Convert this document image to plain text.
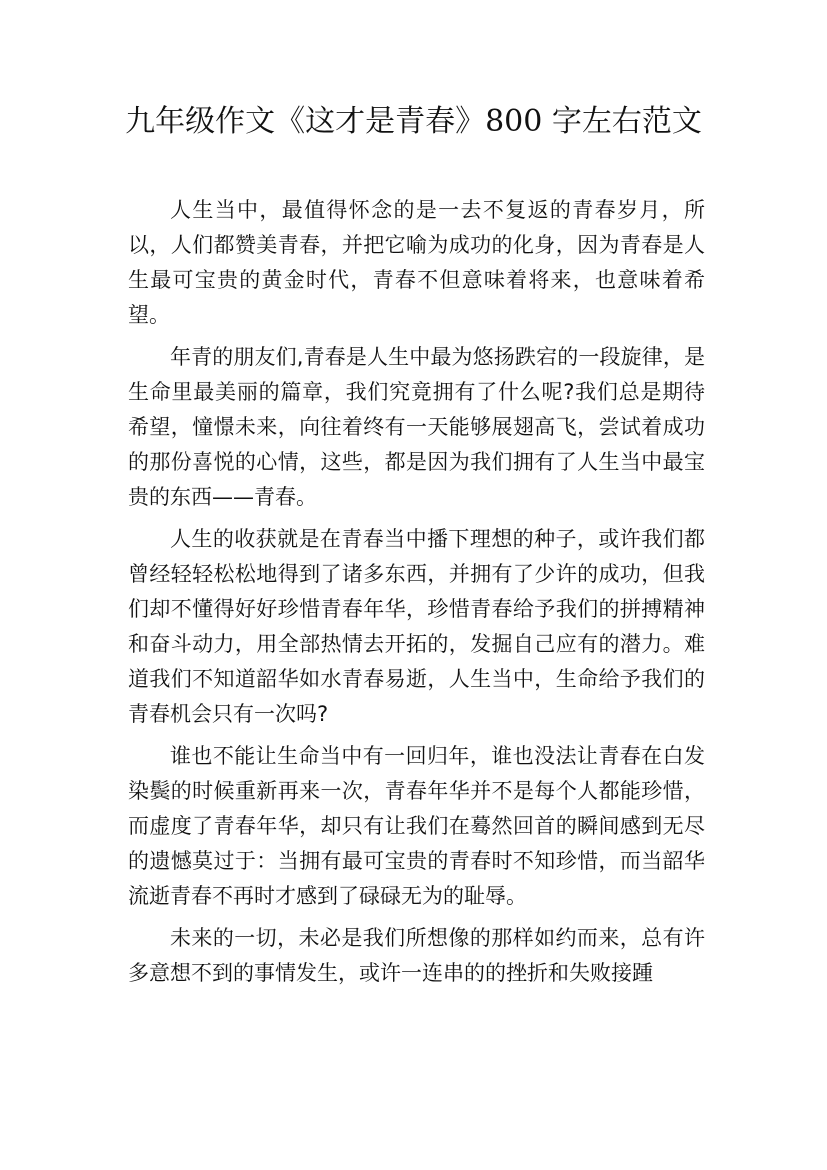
九年级作文《这才是青春》800 字左右范文

人生当中，最值得怀念的是一去不复返的青春岁月，所以，人们都赞美青春，并把它喻为成功的化身，因为青春是人生最可宝贵的黄金时代，青春不但意味着将来，也意味着希望。

年青的朋友们,青春是人生中最为悠扬跌宕的一段旋律，是生命里最美丽的篇章，我们究竟拥有了什么呢?我们总是期待希望，憧憬未来，向往着终有一天能够展翅高飞，尝试着成功的那份喜悦的心情，这些，都是因为我们拥有了人生当中最宝贵的东西——青春。

人生的收获就是在青春当中播下理想的种子，或许我们都曾经轻轻松松地得到了诸多东西，并拥有了少许的成功，但我们却不懂得好好珍惜青春年华，珍惜青春给予我们的拼搏精神和奋斗动力，用全部热情去开拓的，发掘自己应有的潜力。难道我们不知道韶华如水青春易逝，人生当中，生命给予我们的青春机会只有一次吗?

谁也不能让生命当中有一回归年，谁也没法让青春在白发染鬓的时候重新再来一次，青春年华并不是每个人都能珍惜，而虚度了青春年华，却只有让我们在蓦然回首的瞬间感到无尽的遗憾莫过于：当拥有最可宝贵的青春时不知珍惜，而当韶华流逝青春不再时才感到了碌碌无为的耻辱。

未来的一切，未必是我们所想像的那样如约而来，总有许多意想不到的事情发生，或许一连串的的挫折和失败接踵
